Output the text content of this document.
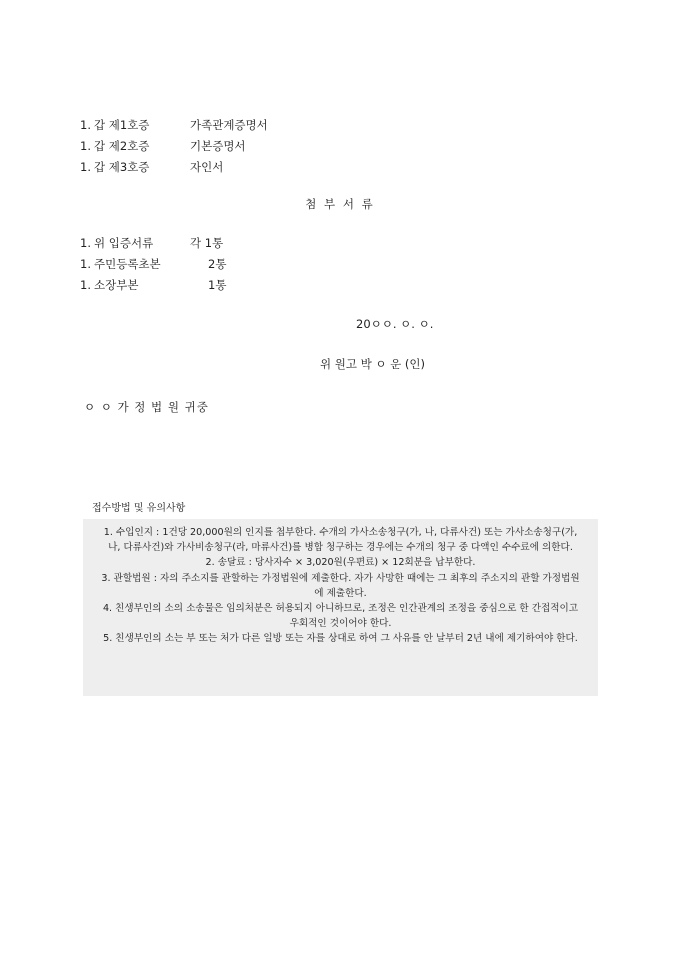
1. 갑 제1호증	가족관계증명서
1. 갑 제2호증	기본증명서
1. 갑 제3호증	자인서
첨 부 서 류
1. 위 입증서류	각 1통
1. 주민등록초본	2통
1. 소장부본	1통
20ㅇㅇ. ㅇ. ㅇ.
위 원고 박 ㅇ 운 (인)
ㅇ ㅇ 가 정 법 원 귀중
접수방법 및 유의사항

1. 수입인지 : 1건당 20,000원의 인지를 첩부한다. 수개의 가사소송청구(가, 나, 다류사건) 또는 가사소송청구(가, 나, 다류사건)와 가사비송청구(라, 마류사건)를 병합 청구하는 경우에는 수개의 청구 중 다액인 수수료에 의한다.

2. 송달료 : 당사자수 × 3,020원(우편료) × 12회분을 납부한다.

3. 관할법원 : 자의 주소지를 관할하는 가정법원에 제출한다. 자가 사망한 때에는 그 최후의 주소지의 관할 가정법원에 제출한다.

4. 친생부인의 소의 소송물은 임의처분은 허용되지 아니하므로, 조정은 인간관계의 조정을 중심으로 한 간접적이고 우회적인 것이어야 한다.

5. 친생부인의 소는 부 또는 처가 다른 일방 또는 자를 상대로 하여 그 사유를 안 날부터 2년 내에 제기하여야 한다.
